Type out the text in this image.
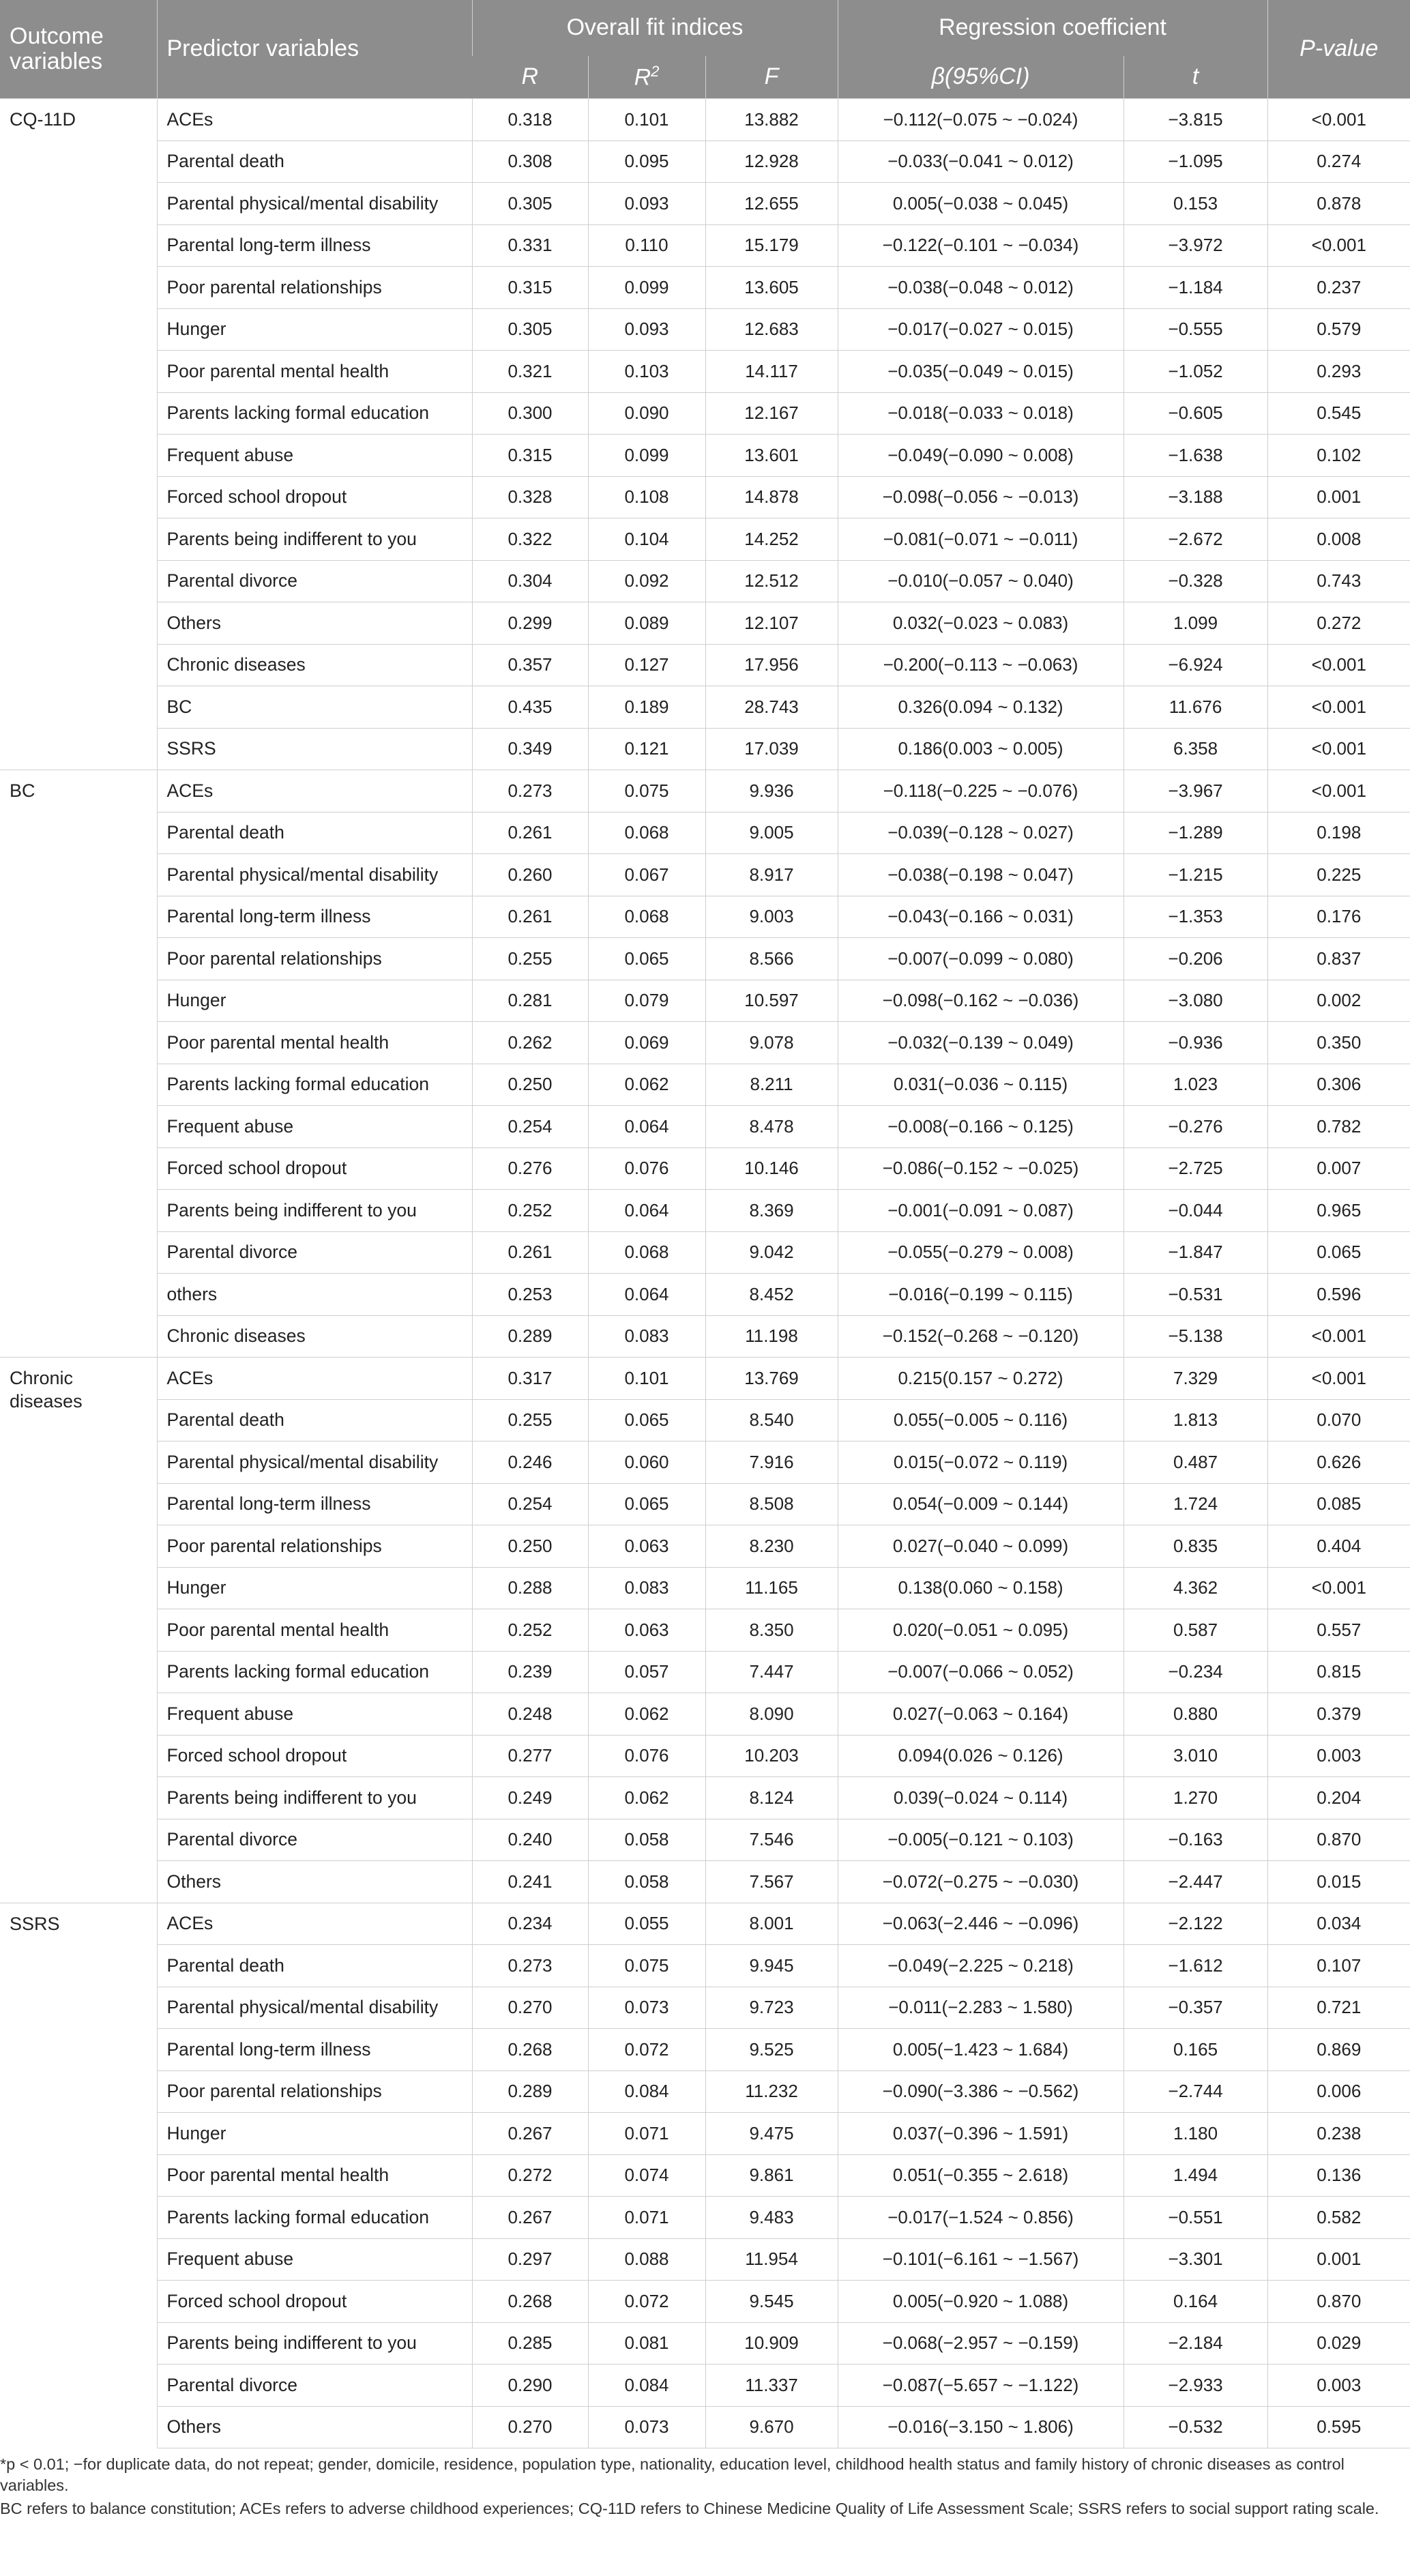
Outcome variables	Predictor variables	Overall fit indices			Regression coefficient		P-value
		R	$R^2$	F	β(95%CI)	t	
CQ-11D	ACEs	0.318	0.101	13.882	−0.112(−0.075 ~ −0.024)	−3.815	<0.001
	Parental death	0.308	0.095	12.928	−0.033(−0.041 ~ 0.012)	−1.095	0.274
	Parental physical/mental disability	0.305	0.093	12.655	0.005(−0.038 ~ 0.045)	0.153	0.878
	Parental long-term illness	0.331	0.110	15.179	−0.122(−0.101 ~ −0.034)	−3.972	<0.001
	Poor parental relationships	0.315	0.099	13.605	−0.038(−0.048 ~ 0.012)	−1.184	0.237
	Hunger	0.305	0.093	12.683	−0.017(−0.027 ~ 0.015)	−0.555	0.579
	Poor parental mental health	0.321	0.103	14.117	−0.035(−0.049 ~ 0.015)	−1.052	0.293
	Parents lacking formal education	0.300	0.090	12.167	−0.018(−0.033 ~ 0.018)	−0.605	0.545
	Frequent abuse	0.315	0.099	13.601	−0.049(−0.090 ~ 0.008)	−1.638	0.102
	Forced school dropout	0.328	0.108	14.878	−0.098(−0.056 ~ −0.013)	−3.188	0.001
	Parents being indifferent to you	0.322	0.104	14.252	−0.081(−0.071 ~ −0.011)	−2.672	0.008
	Parental divorce	0.304	0.092	12.512	−0.010(−0.057 ~ 0.040)	−0.328	0.743
	Others	0.299	0.089	12.107	0.032(−0.023 ~ 0.083)	1.099	0.272
	Chronic diseases	0.357	0.127	17.956	−0.200(−0.113 ~ −0.063)	−6.924	<0.001
	BC	0.435	0.189	28.743	0.326(0.094 ~ 0.132)	11.676	<0.001
	SSRS	0.349	0.121	17.039	0.186(0.003 ~ 0.005)	6.358	<0.001
BC	ACEs	0.273	0.075	9.936	−0.118(−0.225 ~ −0.076)	−3.967	<0.001
	Parental death	0.261	0.068	9.005	−0.039(−0.128 ~ 0.027)	−1.289	0.198
	Parental physical/mental disability	0.260	0.067	8.917	−0.038(−0.198 ~ 0.047)	−1.215	0.225
	Parental long-term illness	0.261	0.068	9.003	−0.043(−0.166 ~ 0.031)	−1.353	0.176
	Poor parental relationships	0.255	0.065	8.566	−0.007(−0.099 ~ 0.080)	−0.206	0.837
	Hunger	0.281	0.079	10.597	−0.098(−0.162 ~ −0.036)	−3.080	0.002
	Poor parental mental health	0.262	0.069	9.078	−0.032(−0.139 ~ 0.049)	−0.936	0.350
	Parents lacking formal education	0.250	0.062	8.211	0.031(−0.036 ~ 0.115)	1.023	0.306
	Frequent abuse	0.254	0.064	8.478	−0.008(−0.166 ~ 0.125)	−0.276	0.782
	Forced school dropout	0.276	0.076	10.146	−0.086(−0.152 ~ −0.025)	−2.725	0.007
	Parents being indifferent to you	0.252	0.064	8.369	−0.001(−0.091 ~ 0.087)	−0.044	0.965
	Parental divorce	0.261	0.068	9.042	−0.055(−0.279 ~ 0.008)	−1.847	0.065
	others	0.253	0.064	8.452	−0.016(−0.199 ~ 0.115)	−0.531	0.596
	Chronic diseases	0.289	0.083	11.198	−0.152(−0.268 ~ −0.120)	−5.138	<0.001
Chronic diseases	ACEs	0.317	0.101	13.769	0.215(0.157 ~ 0.272)	7.329	<0.001
	Parental death	0.255	0.065	8.540	0.055(−0.005 ~ 0.116)	1.813	0.070
	Parental physical/mental disability	0.246	0.060	7.916	0.015(−0.072 ~ 0.119)	0.487	0.626
	Parental long-term illness	0.254	0.065	8.508	0.054(−0.009 ~ 0.144)	1.724	0.085
	Poor parental relationships	0.250	0.063	8.230	0.027(−0.040 ~ 0.099)	0.835	0.404
	Hunger	0.288	0.083	11.165	0.138(0.060 ~ 0.158)	4.362	<0.001
	Poor parental mental health	0.252	0.063	8.350	0.020(−0.051 ~ 0.095)	0.587	0.557
	Parents lacking formal education	0.239	0.057	7.447	−0.007(−0.066 ~ 0.052)	−0.234	0.815
	Frequent abuse	0.248	0.062	8.090	0.027(−0.063 ~ 0.164)	0.880	0.379
	Forced school dropout	0.277	0.076	10.203	0.094(0.026 ~ 0.126)	3.010	0.003
	Parents being indifferent to you	0.249	0.062	8.124	0.039(−0.024 ~ 0.114)	1.270	0.204
	Parental divorce	0.240	0.058	7.546	−0.005(−0.121 ~ 0.103)	−0.163	0.870
	Others	0.241	0.058	7.567	−0.072(−0.275 ~ −0.030)	−2.447	0.015
SSRS	ACEs	0.234	0.055	8.001	−0.063(−2.446 ~ −0.096)	−2.122	0.034
	Parental death	0.273	0.075	9.945	−0.049(−2.225 ~ 0.218)	−1.612	0.107
	Parental physical/mental disability	0.270	0.073	9.723	−0.011(−2.283 ~ 1.580)	−0.357	0.721
	Parental long-term illness	0.268	0.072	9.525	0.005(−1.423 ~ 1.684)	0.165	0.869
	Poor parental relationships	0.289	0.084	11.232	−0.090(−3.386 ~ −0.562)	−2.744	0.006
	Hunger	0.267	0.071	9.475	0.037(−0.396 ~ 1.591)	1.180	0.238
	Poor parental mental health	0.272	0.074	9.861	0.051(−0.355 ~ 2.618)	1.494	0.136
	Parents lacking formal education	0.267	0.071	9.483	−0.017(−1.524 ~ 0.856)	−0.551	0.582
	Frequent abuse	0.297	0.088	11.954	−0.101(−6.161 ~ −1.567)	−3.301	0.001
	Forced school dropout	0.268	0.072	9.545	0.005(−0.920 ~ 1.088)	0.164	0.870
	Parents being indifferent to you	0.285	0.081	10.909	−0.068(−2.957 ~ −0.159)	−2.184	0.029
	Parental divorce	0.290	0.084	11.337	−0.087(−5.657 ~ −1.122)	−2.933	0.003
	Others	0.270	0.073	9.670	−0.016(−3.150 ~ 1.806)	−0.532	0.595

*p < 0.01; −for duplicate data, do not repeat; gender, domicile, residence, population type, nationality, education level, childhood health status and family history of chronic diseases as control variables.

BC refers to balance constitution; ACEs refers to adverse childhood experiences; CQ-11D refers to Chinese Medicine Quality of Life Assessment Scale; SSRS refers to social support rating scale.
